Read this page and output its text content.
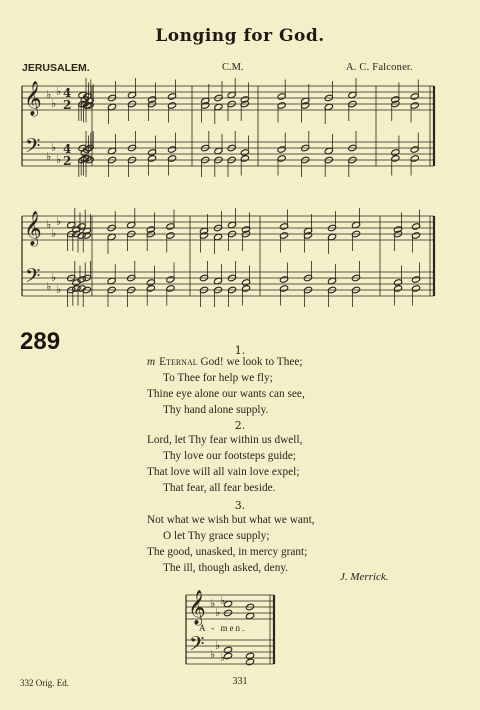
Longing for God.
JERUSALEM.	C.M.	A. C. Falconer.
𝄞
𝄢
♭
♭
♭
♭
♭
♭
4
2
4
2
𝄞
𝄢
♭
♭
♭
♭
♭
♭
𝄞
𝄢
♭
♭
♭
♭
♭
♭
289	1.
m Eternal God! we look to Thee;
To Thee for help we fly;
Thine eye alone our wants can see,
Thy hand alone supply.
2.
Lord, let Thy fear within us dwell,
Thy love our footsteps guide;
That love will all vain love expel;
That fear, all fear beside.
3.
Not what we wish but what we want,
O let Thy grace supply;
The good, unasked, in mercy grant;
The ill, though asked, deny.
J. Merrick.
A - men.
332 Orig. Ed.	331
